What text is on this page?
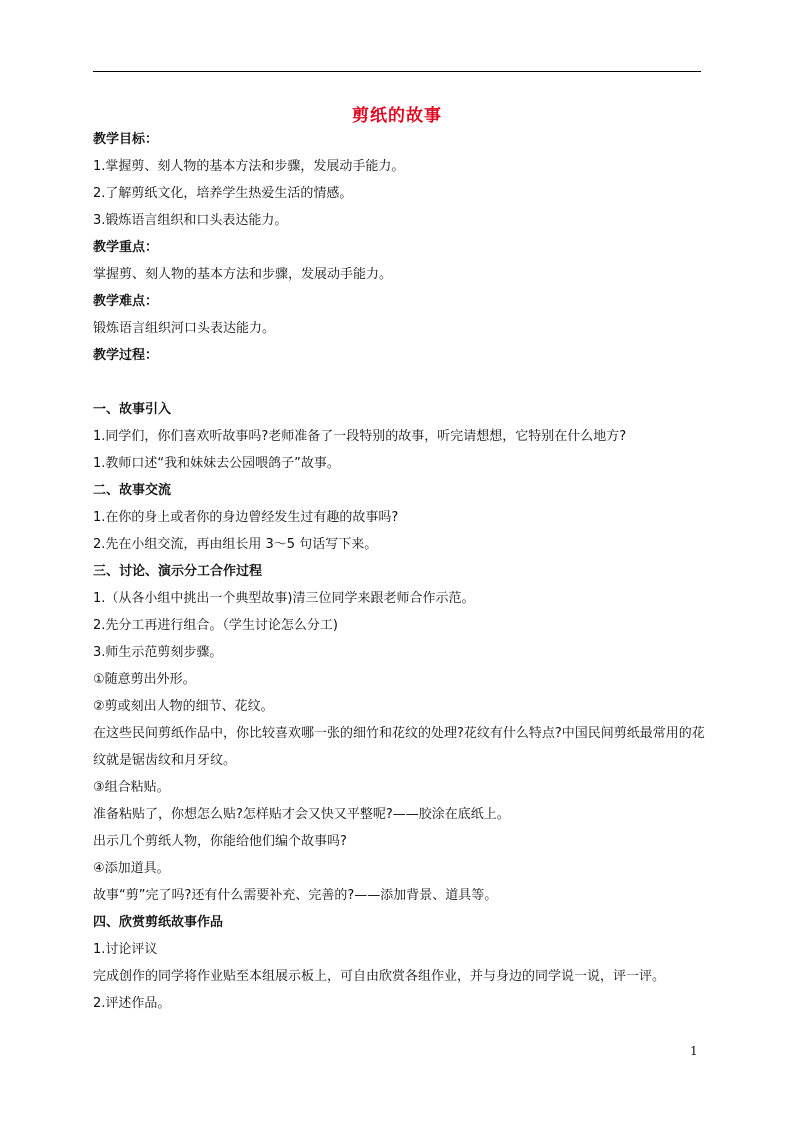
剪纸的故事
教学目标：
1.掌握剪、刻人物的基本方法和步骤，发展动手能力。
2.了解剪纸文化，培养学生热爱生活的情感。
3.锻炼语言组织和口头表达能力。
教学重点：
掌握剪、刻人物的基本方法和步骤，发展动手能力。
教学难点：
锻炼语言组织河口头表达能力。
教学过程：
一、故事引入
1.同学们，你们喜欢听故事吗?老师准备了一段特别的故事，听完请想想，它特别在什么地方?
1.教师口述“我和妹妹去公园喂鸽子”故事。
二、故事交流
1.在你的身上或者你的身边曾经发生过有趣的故事吗?
2.先在小组交流，再由组长用 3～5 句话写下来。
三、讨论、演示分工合作过程
1.（从各小组中挑出一个典型故事)清三位同学来跟老师合作示范。
2.先分工再进行组合。（学生讨论怎么分工)
3.师生示范剪刻步骤。
①随意剪出外形。
②剪或刻出人物的细节、花纹。
在这些民间剪纸作品中，你比较喜欢哪一张的细竹和花纹的处理?花纹有什么特点?中国民间剪纸最常用的花纹就是锯齿纹和月牙纹。
③组合粘贴。
准备粘贴了，你想怎么贴?怎样贴才会又快又平整呢?——胶涂在底纸上。
出示几个剪纸人物，你能给他们编个故事吗?
④添加道具。
故事“剪”完了吗?还有什么需要补充、完善的?——添加背景、道具等。
四、欣赏剪纸故事作品
1.讨论评议
完成创作的同学将作业贴至本组展示板上，可自由欣赏各组作业，并与身边的同学说一说，评一评。
2.评述作品。
1
